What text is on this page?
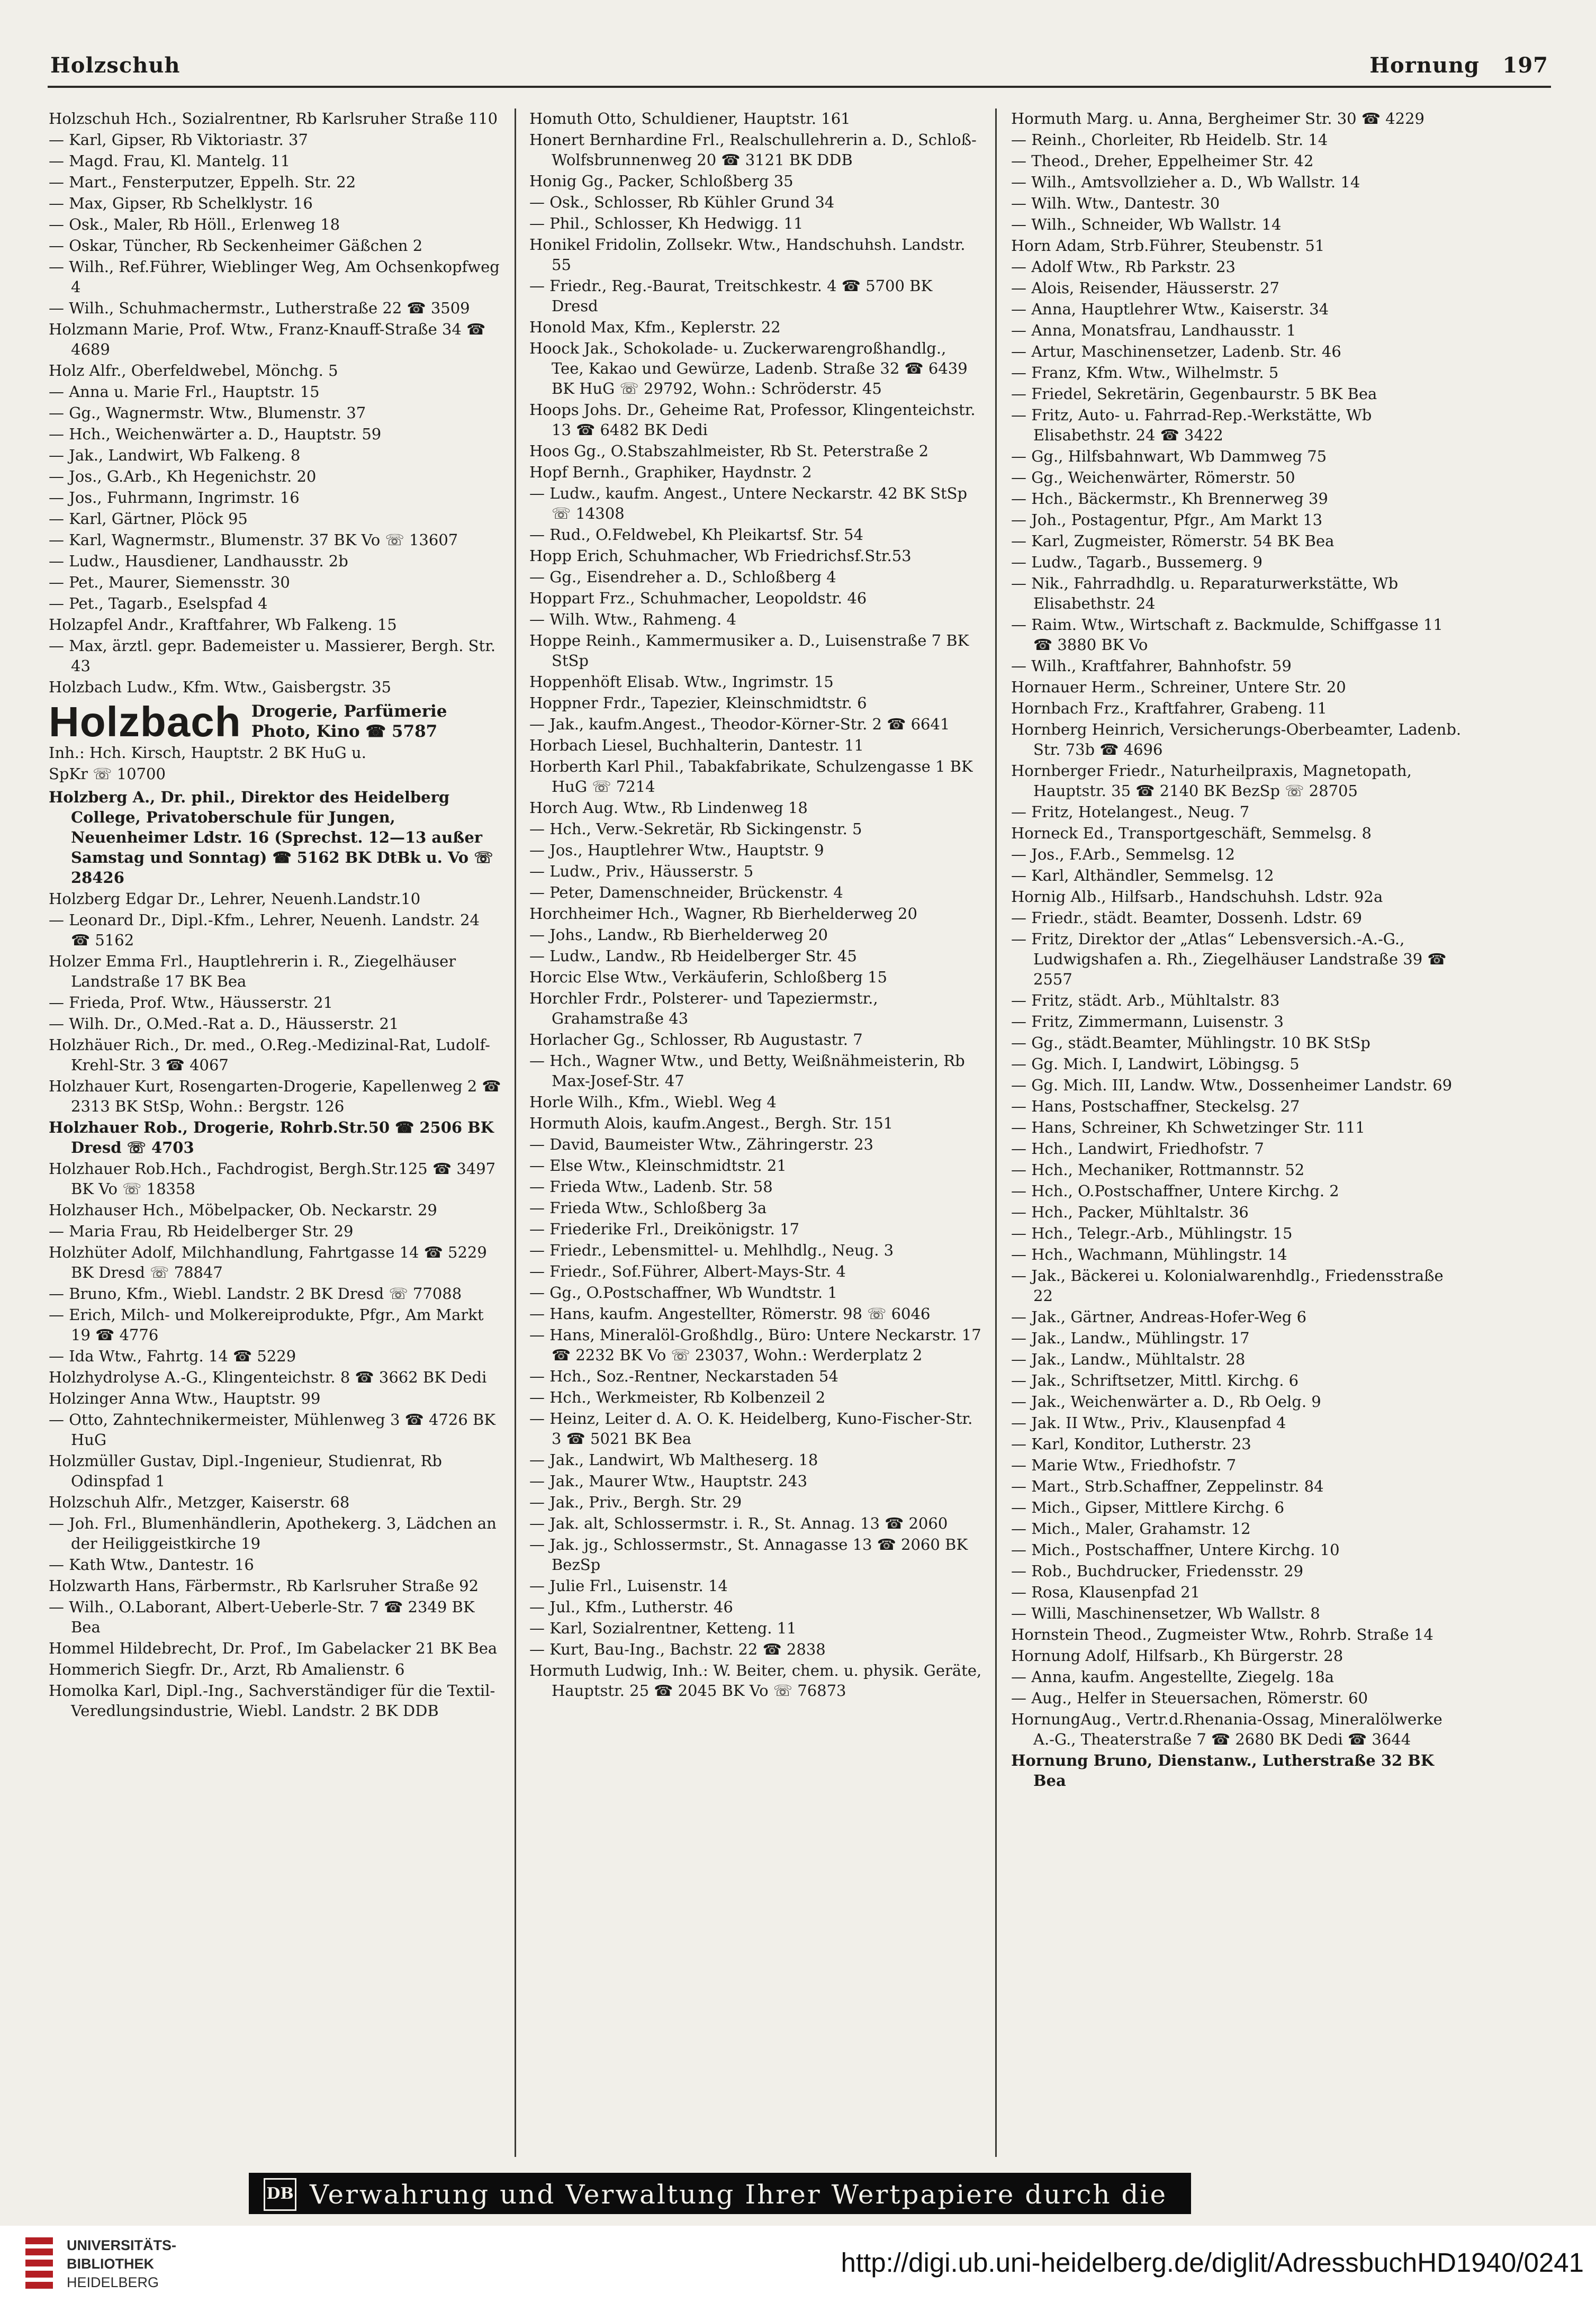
Holzschuh	Hornung 197
Holzschuh Hch., Sozialrentner, Rb Karlsruher Straße 110
— Karl, Gipser, Rb Viktoriastr. 37
— Magd. Frau, Kl. Mantelg. 11
— Mart., Fensterputzer, Eppelh. Str. 22
— Max, Gipser, Rb Schelklystr. 16
— Osk., Maler, Rb Höll., Erlenweg 18
— Oskar, Tüncher, Rb Seckenheimer Gäßchen 2
— Wilh., Ref.Führer, Wieblinger Weg, Am Ochsenkopfweg 4
— Wilh., Schuhmachermstr., Lutherstraße 22 ☎ 3509
Holzmann Marie, Prof. Wtw., Franz-Knauff-Straße 34 ☎ 4689
Holz Alfr., Oberfeldwebel, Mönchg. 5
— Anna u. Marie Frl., Hauptstr. 15
— Gg., Wagnermstr. Wtw., Blumenstr. 37
— Hch., Weichenwärter a. D., Hauptstr. 59
— Jak., Landwirt, Wb Falkeng. 8
— Jos., G.Arb., Kh Hegenichstr. 20
— Jos., Fuhrmann, Ingrimstr. 16
— Karl, Gärtner, Plöck 95
— Karl, Wagnermstr., Blumenstr. 37 BK Vo ☏ 13607
— Ludw., Hausdiener, Landhausstr. 2b
— Pet., Maurer, Siemensstr. 30
— Pet., Tagarb., Eselspfad 4
Holzapfel Andr., Kraftfahrer, Wb Falkeng. 15
— Max, ärztl. gepr. Bademeister u. Massierer, Bergh. Str. 43
Holzbach Ludw., Kfm. Wtw., Gaisbergstr. 35
Holzbach Drogerie, Parfümerie
Photo, Kino ☎ 5787
Inh.: Hch. Kirsch, Hauptstr. 2 BK HuG u.
SpKr ☏ 10700
Holzberg A., Dr. phil., Direktor des Heidelberg College, Privatoberschule für Jungen, Neuenheimer Ldstr. 16 (Sprechst. 12—13 außer Samstag und Sonntag) ☎ 5162 BK DtBk u. Vo ☏ 28426
Holzberg Edgar Dr., Lehrer, Neuenh.Landstr.10
— Leonard Dr., Dipl.-Kfm., Lehrer, Neuenh. Landstr. 24 ☎ 5162
Holzer Emma Frl., Hauptlehrerin i. R., Ziegelhäuser Landstraße 17 BK Bea
— Frieda, Prof. Wtw., Häusserstr. 21
— Wilh. Dr., O.Med.-Rat a. D., Häusserstr. 21
Holzhäuer Rich., Dr. med., O.Reg.-Medizinal-Rat, Ludolf-Krehl-Str. 3 ☎ 4067
Holzhauer Kurt, Rosengarten-Drogerie, Kapellenweg 2 ☎ 2313 BK StSp, Wohn.: Bergstr. 126
Holzhauer Rob., Drogerie, Rohrb.Str.50 ☎ 2506 BK Dresd ☏ 4703
Holzhauer Rob.Hch., Fachdrogist, Bergh.Str.125 ☎ 3497 BK Vo ☏ 18358
Holzhauser Hch., Möbelpacker, Ob. Neckarstr. 29
— Maria Frau, Rb Heidelberger Str. 29
Holzhüter Adolf, Milchhandlung, Fahrtgasse 14 ☎ 5229 BK Dresd ☏ 78847
— Bruno, Kfm., Wiebl. Landstr. 2 BK Dresd ☏ 77088
— Erich, Milch- und Molkereiprodukte, Pfgr., Am Markt 19 ☎ 4776
— Ida Wtw., Fahrtg. 14 ☎ 5229
Holzhydrolyse A.-G., Klingenteichstr. 8 ☎ 3662 BK Dedi
Holzinger Anna Wtw., Hauptstr. 99
— Otto, Zahntechnikermeister, Mühlenweg 3 ☎ 4726 BK HuG
Holzmüller Gustav, Dipl.-Ingenieur, Studienrat, Rb Odinspfad 1
Holzschuh Alfr., Metzger, Kaiserstr. 68
— Joh. Frl., Blumenhändlerin, Apothekerg. 3, Lädchen an der Heiliggeistkirche 19
— Kath Wtw., Dantestr. 16
Holzwarth Hans, Färbermstr., Rb Karlsruher Straße 92
— Wilh., O.Laborant, Albert-Ueberle-Str. 7 ☎ 2349 BK Bea
Hommel Hildebrecht, Dr. Prof., Im Gabelacker 21 BK Bea
Hommerich Siegfr. Dr., Arzt, Rb Amalienstr. 6
Homolka Karl, Dipl.-Ing., Sachverständiger für die Textil-Veredlungsindustrie, Wiebl. Landstr. 2 BK DDB
Homuth Otto, Schuldiener, Hauptstr. 161
Honert Bernhardine Frl., Realschullehrerin a. D., Schloß-Wolfsbrunnenweg 20 ☎ 3121 BK DDB
Honig Gg., Packer, Schloßberg 35
— Osk., Schlosser, Rb Kühler Grund 34
— Phil., Schlosser, Kh Hedwigg. 11
Honikel Fridolin, Zollsekr. Wtw., Handschuhsh. Landstr. 55
— Friedr., Reg.-Baurat, Treitschkestr. 4 ☎ 5700 BK Dresd
Honold Max, Kfm., Keplerstr. 22
Hoock Jak., Schokolade- u. Zuckerwarengroßhandlg., Tee, Kakao und Gewürze, Ladenb. Straße 32 ☎ 6439 BK HuG ☏ 29792, Wohn.: Schröderstr. 45
Hoops Johs. Dr., Geheime Rat, Professor, Klingenteichstr. 13 ☎ 6482 BK Dedi
Hoos Gg., O.Stabszahlmeister, Rb St. Peterstraße 2
Hopf Bernh., Graphiker, Haydnstr. 2
— Ludw., kaufm. Angest., Untere Neckarstr. 42 BK StSp ☏ 14308
— Rud., O.Feldwebel, Kh Pleikartsf. Str. 54
Hopp Erich, Schuhmacher, Wb Friedrichsf.Str.53
— Gg., Eisendreher a. D., Schloßberg 4
Hoppart Frz., Schuhmacher, Leopoldstr. 46
— Wilh. Wtw., Rahmeng. 4
Hoppe Reinh., Kammermusiker a. D., Luisenstraße 7 BK StSp
Hoppenhöft Elisab. Wtw., Ingrimstr. 15
Hoppner Frdr., Tapezier, Kleinschmidtstr. 6
— Jak., kaufm.Angest., Theodor-Körner-Str. 2 ☎ 6641
Horbach Liesel, Buchhalterin, Dantestr. 11
Horberth Karl Phil., Tabakfabrikate, Schulzengasse 1 BK HuG ☏ 7214
Horch Aug. Wtw., Rb Lindenweg 18
— Hch., Verw.-Sekretär, Rb Sickingenstr. 5
— Jos., Hauptlehrer Wtw., Hauptstr. 9
— Ludw., Priv., Häusserstr. 5
— Peter, Damenschneider, Brückenstr. 4
Horchheimer Hch., Wagner, Rb Bierhelderweg 20
— Johs., Landw., Rb Bierhelderweg 20
— Ludw., Landw., Rb Heidelberger Str. 45
Horcic Else Wtw., Verkäuferin, Schloßberg 15
Horchler Frdr., Polsterer- und Tapeziermstr., Grahamstraße 43
Horlacher Gg., Schlosser, Rb Augustastr. 7
— Hch., Wagner Wtw., und Betty, Weißnähmeisterin, Rb Max-Josef-Str. 47
Horle Wilh., Kfm., Wiebl. Weg 4
Hormuth Alois, kaufm.Angest., Bergh. Str. 151
— David, Baumeister Wtw., Zähringerstr. 23
— Else Wtw., Kleinschmidtstr. 21
— Frieda Wtw., Ladenb. Str. 58
— Frieda Wtw., Schloßberg 3a
— Friederike Frl., Dreikönigstr. 17
— Friedr., Lebensmittel- u. Mehlhdlg., Neug. 3
— Friedr., Sof.Führer, Albert-Mays-Str. 4
— Gg., O.Postschaffner, Wb Wundtstr. 1
— Hans, kaufm. Angestellter, Römerstr. 98 ☏ 6046
— Hans, Mineralöl-Großhdlg., Büro: Untere Neckarstr. 17 ☎ 2232 BK Vo ☏ 23037, Wohn.: Werderplatz 2
— Hch., Soz.-Rentner, Neckarstaden 54
— Hch., Werkmeister, Rb Kolbenzeil 2
— Heinz, Leiter d. A. O. K. Heidelberg, Kuno-Fischer-Str. 3 ☎ 5021 BK Bea
— Jak., Landwirt, Wb Maltheserg. 18
— Jak., Maurer Wtw., Hauptstr. 243
— Jak., Priv., Bergh. Str. 29
— Jak. alt, Schlossermstr. i. R., St. Annag. 13 ☎ 2060
— Jak. jg., Schlossermstr., St. Annagasse 13 ☎ 2060 BK BezSp
— Julie Frl., Luisenstr. 14
— Jul., Kfm., Lutherstr. 46
— Karl, Sozialrentner, Ketteng. 11
— Kurt, Bau-Ing., Bachstr. 22 ☎ 2838
Hormuth Ludwig, Inh.: W. Beiter, chem. u. physik. Geräte, Hauptstr. 25 ☎ 2045 BK Vo ☏ 76873
Hormuth Marg. u. Anna, Bergheimer Str. 30 ☎ 4229
— Reinh., Chorleiter, Rb Heidelb. Str. 14
— Theod., Dreher, Eppelheimer Str. 42
— Wilh., Amtsvollzieher a. D., Wb Wallstr. 14
— Wilh. Wtw., Dantestr. 30
— Wilh., Schneider, Wb Wallstr. 14
Horn Adam, Strb.Führer, Steubenstr. 51
— Adolf Wtw., Rb Parkstr. 23
— Alois, Reisender, Häusserstr. 27
— Anna, Hauptlehrer Wtw., Kaiserstr. 34
— Anna, Monatsfrau, Landhausstr. 1
— Artur, Maschinensetzer, Ladenb. Str. 46
— Franz, Kfm. Wtw., Wilhelmstr. 5
— Friedel, Sekretärin, Gegenbaurstr. 5 BK Bea
— Fritz, Auto- u. Fahrrad-Rep.-Werkstätte, Wb Elisabethstr. 24 ☎ 3422
— Gg., Hilfsbahnwart, Wb Dammweg 75
— Gg., Weichenwärter, Römerstr. 50
— Hch., Bäckermstr., Kh Brennerweg 39
— Joh., Postagentur, Pfgr., Am Markt 13
— Karl, Zugmeister, Römerstr. 54 BK Bea
— Ludw., Tagarb., Bussemerg. 9
— Nik., Fahrradhdlg. u. Reparaturwerkstätte, Wb Elisabethstr. 24
— Raim. Wtw., Wirtschaft z. Backmulde, Schiffgasse 11 ☎ 3880 BK Vo
— Wilh., Kraftfahrer, Bahnhofstr. 59
Hornauer Herm., Schreiner, Untere Str. 20
Hornbach Frz., Kraftfahrer, Grabeng. 11
Hornberg Heinrich, Versicherungs-Oberbeamter, Ladenb. Str. 73b ☎ 4696
Hornberger Friedr., Naturheilpraxis, Magnetopath, Hauptstr. 35 ☎ 2140 BK BezSp ☏ 28705
— Fritz, Hotelangest., Neug. 7
Horneck Ed., Transportgeschäft, Semmelsg. 8
— Jos., F.Arb., Semmelsg. 12
— Karl, Althändler, Semmelsg. 12
Hornig Alb., Hilfsarb., Handschuhsh. Ldstr. 92a
— Friedr., städt. Beamter, Dossenh. Ldstr. 69
— Fritz, Direktor der „Atlas“ Lebensversich.-A.-G., Ludwigshafen a. Rh., Ziegelhäuser Landstraße 39 ☎ 2557
— Fritz, städt. Arb., Mühltalstr. 83
— Fritz, Zimmermann, Luisenstr. 3
— Gg., städt.Beamter, Mühlingstr. 10 BK StSp
— Gg. Mich. I, Landwirt, Löbingsg. 5
— Gg. Mich. III, Landw. Wtw., Dossenheimer Landstr. 69
— Hans, Postschaffner, Steckelsg. 27
— Hans, Schreiner, Kh Schwetzinger Str. 111
— Hch., Landwirt, Friedhofstr. 7
— Hch., Mechaniker, Rottmannstr. 52
— Hch., O.Postschaffner, Untere Kirchg. 2
— Hch., Packer, Mühltalstr. 36
— Hch., Telegr.-Arb., Mühlingstr. 15
— Hch., Wachmann, Mühlingstr. 14
— Jak., Bäckerei u. Kolonialwarenhdlg., Friedensstraße 22
— Jak., Gärtner, Andreas-Hofer-Weg 6
— Jak., Landw., Mühlingstr. 17
— Jak., Landw., Mühltalstr. 28
— Jak., Schriftsetzer, Mittl. Kirchg. 6
— Jak., Weichenwärter a. D., Rb Oelg. 9
— Jak. II Wtw., Priv., Klausenpfad 4
— Karl, Konditor, Lutherstr. 23
— Marie Wtw., Friedhofstr. 7
— Mart., Strb.Schaffner, Zeppelinstr. 84
— Mich., Gipser, Mittlere Kirchg. 6
— Mich., Maler, Grahamstr. 12
— Mich., Postschaffner, Untere Kirchg. 10
— Rob., Buchdrucker, Friedensstr. 29
— Rosa, Klausenpfad 21
— Willi, Maschinensetzer, Wb Wallstr. 8
Hornstein Theod., Zugmeister Wtw., Rohrb. Straße 14
Hornung Adolf, Hilfsarb., Kh Bürgerstr. 28
— Anna, kaufm. Angestellte, Ziegelg. 18a
— Aug., Helfer in Steuersachen, Römerstr. 60
HornungAug., Vertr.d.Rhenania-Ossag, Mineralölwerke A.-G., Theaterstraße 7 ☎ 2680 BK Dedi ☎ 3644
Hornung Bruno, Dienstanw., Lutherstraße 32 BK Bea
DB Verwahrung und Verwaltung Ihrer Wertpapiere durch die
UNIVERSITÄTS-
BIBLIOTHEK
HEIDELBERG
http://digi.ub.uni-heidelberg.de/diglit/AdressbuchHD1940/0241
